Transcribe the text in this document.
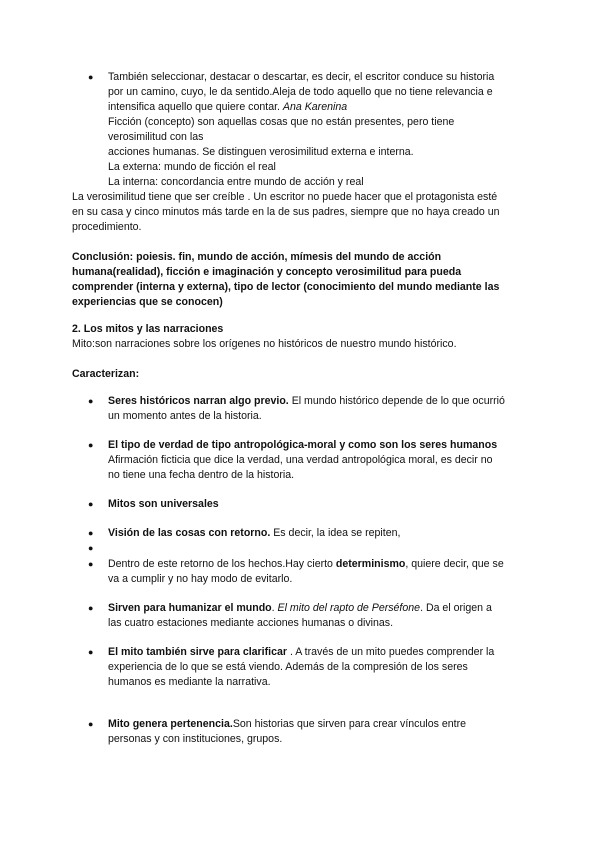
●	También seleccionar, destacar o descartar, es decir, el escritor conduce su historia

por un camino, cuyo, le da sentido.Aleja de todo aquello que no tiene relevancia e

intensifica aquello que quiere contar. Ana Karenina

Ficción (concepto) son aquellas cosas que no están presentes, pero tiene

verosimilitud con las

acciones humanas. Se distinguen verosimilitud externa e interna.

La externa: mundo de ficción el real

La interna: concordancia entre mundo de acción y real

La verosimilitud tiene que ser creíble . Un escritor no puede hacer que el protagonista esté

en su casa y cinco minutos más tarde en la de sus padres, siempre que no haya creado un

procedimiento.

Conclusión: poiesis. fin, mundo de acción, mímesis del mundo de acción

humana(realidad), ficción e imaginación y concepto verosimilitud para pueda

comprender (interna y externa), tipo de lector (conocimiento del mundo mediante las

experiencias que se conocen)

2. Los mitos y las narraciones

Mito:son narraciones sobre los orígenes no históricos de nuestro mundo histórico.

Caracterizan:
●	Seres históricos narran algo previo. El mundo histórico depende de lo que ocurrió

un momento antes de la historia.

●	El tipo de verdad de tipo antropológica-moral y como son los seres humanos

Afirmación ficticia que dice la verdad, una verdad antropológica moral, es decir no

no tiene una fecha dentro de la historia.

●	Mitos son universales

●	Visión de las cosas con retorno. Es decir, la idea se repiten,

●
●	Dentro de este retorno de los hechos.Hay cierto determinismo, quiere decir, que se

va a cumplir y no hay modo de evitarlo.

●	Sirven para humanizar el mundo. El mito del rapto de Perséfone. Da el origen a

las cuatro estaciones mediante acciones humanas o divinas.

●	El mito también sirve para clarificar . A través de un mito puedes comprender la

experiencia de lo que se está viendo. Además de la compresión de los seres

humanos es mediante la narrativa.

●	Mito genera pertenencia.Son historias que sirven para crear vínculos entre

personas y con instituciones, grupos.
